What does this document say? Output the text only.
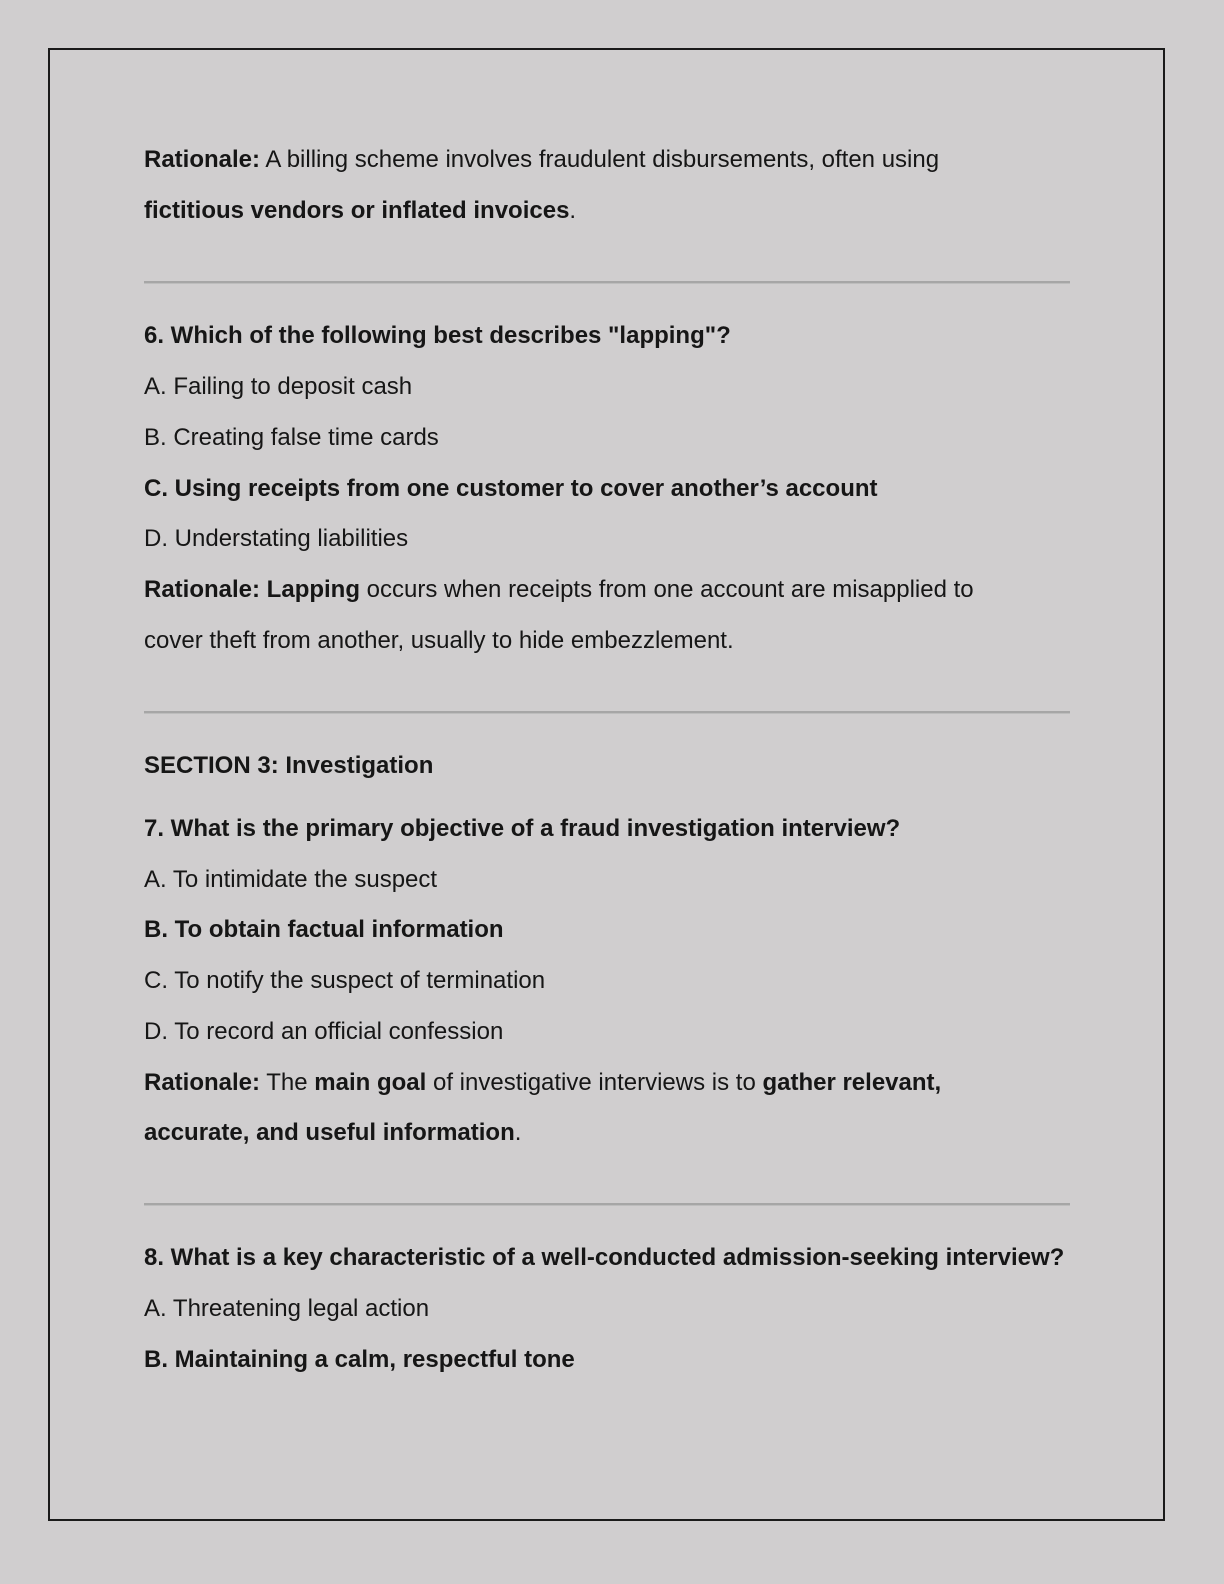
Rationale: A billing scheme involves fraudulent disbursements, often using
fictitious vendors or inflated invoices.
6. Which of the following best describes "lapping"?
A. Failing to deposit cash
B. Creating false time cards
C. Using receipts from one customer to cover another’s account
D. Understating liabilities
Rationale: Lapping occurs when receipts from one account are misapplied to
cover theft from another, usually to hide embezzlement.
SECTION 3: Investigation
7. What is the primary objective of a fraud investigation interview?
A. To intimidate the suspect
B. To obtain factual information
C. To notify the suspect of termination
D. To record an official confession
Rationale: The main goal of investigative interviews is to gather relevant,
accurate, and useful information.
8. What is a key characteristic of a well-conducted admission-seeking interview?
A. Threatening legal action
B. Maintaining a calm, respectful tone
